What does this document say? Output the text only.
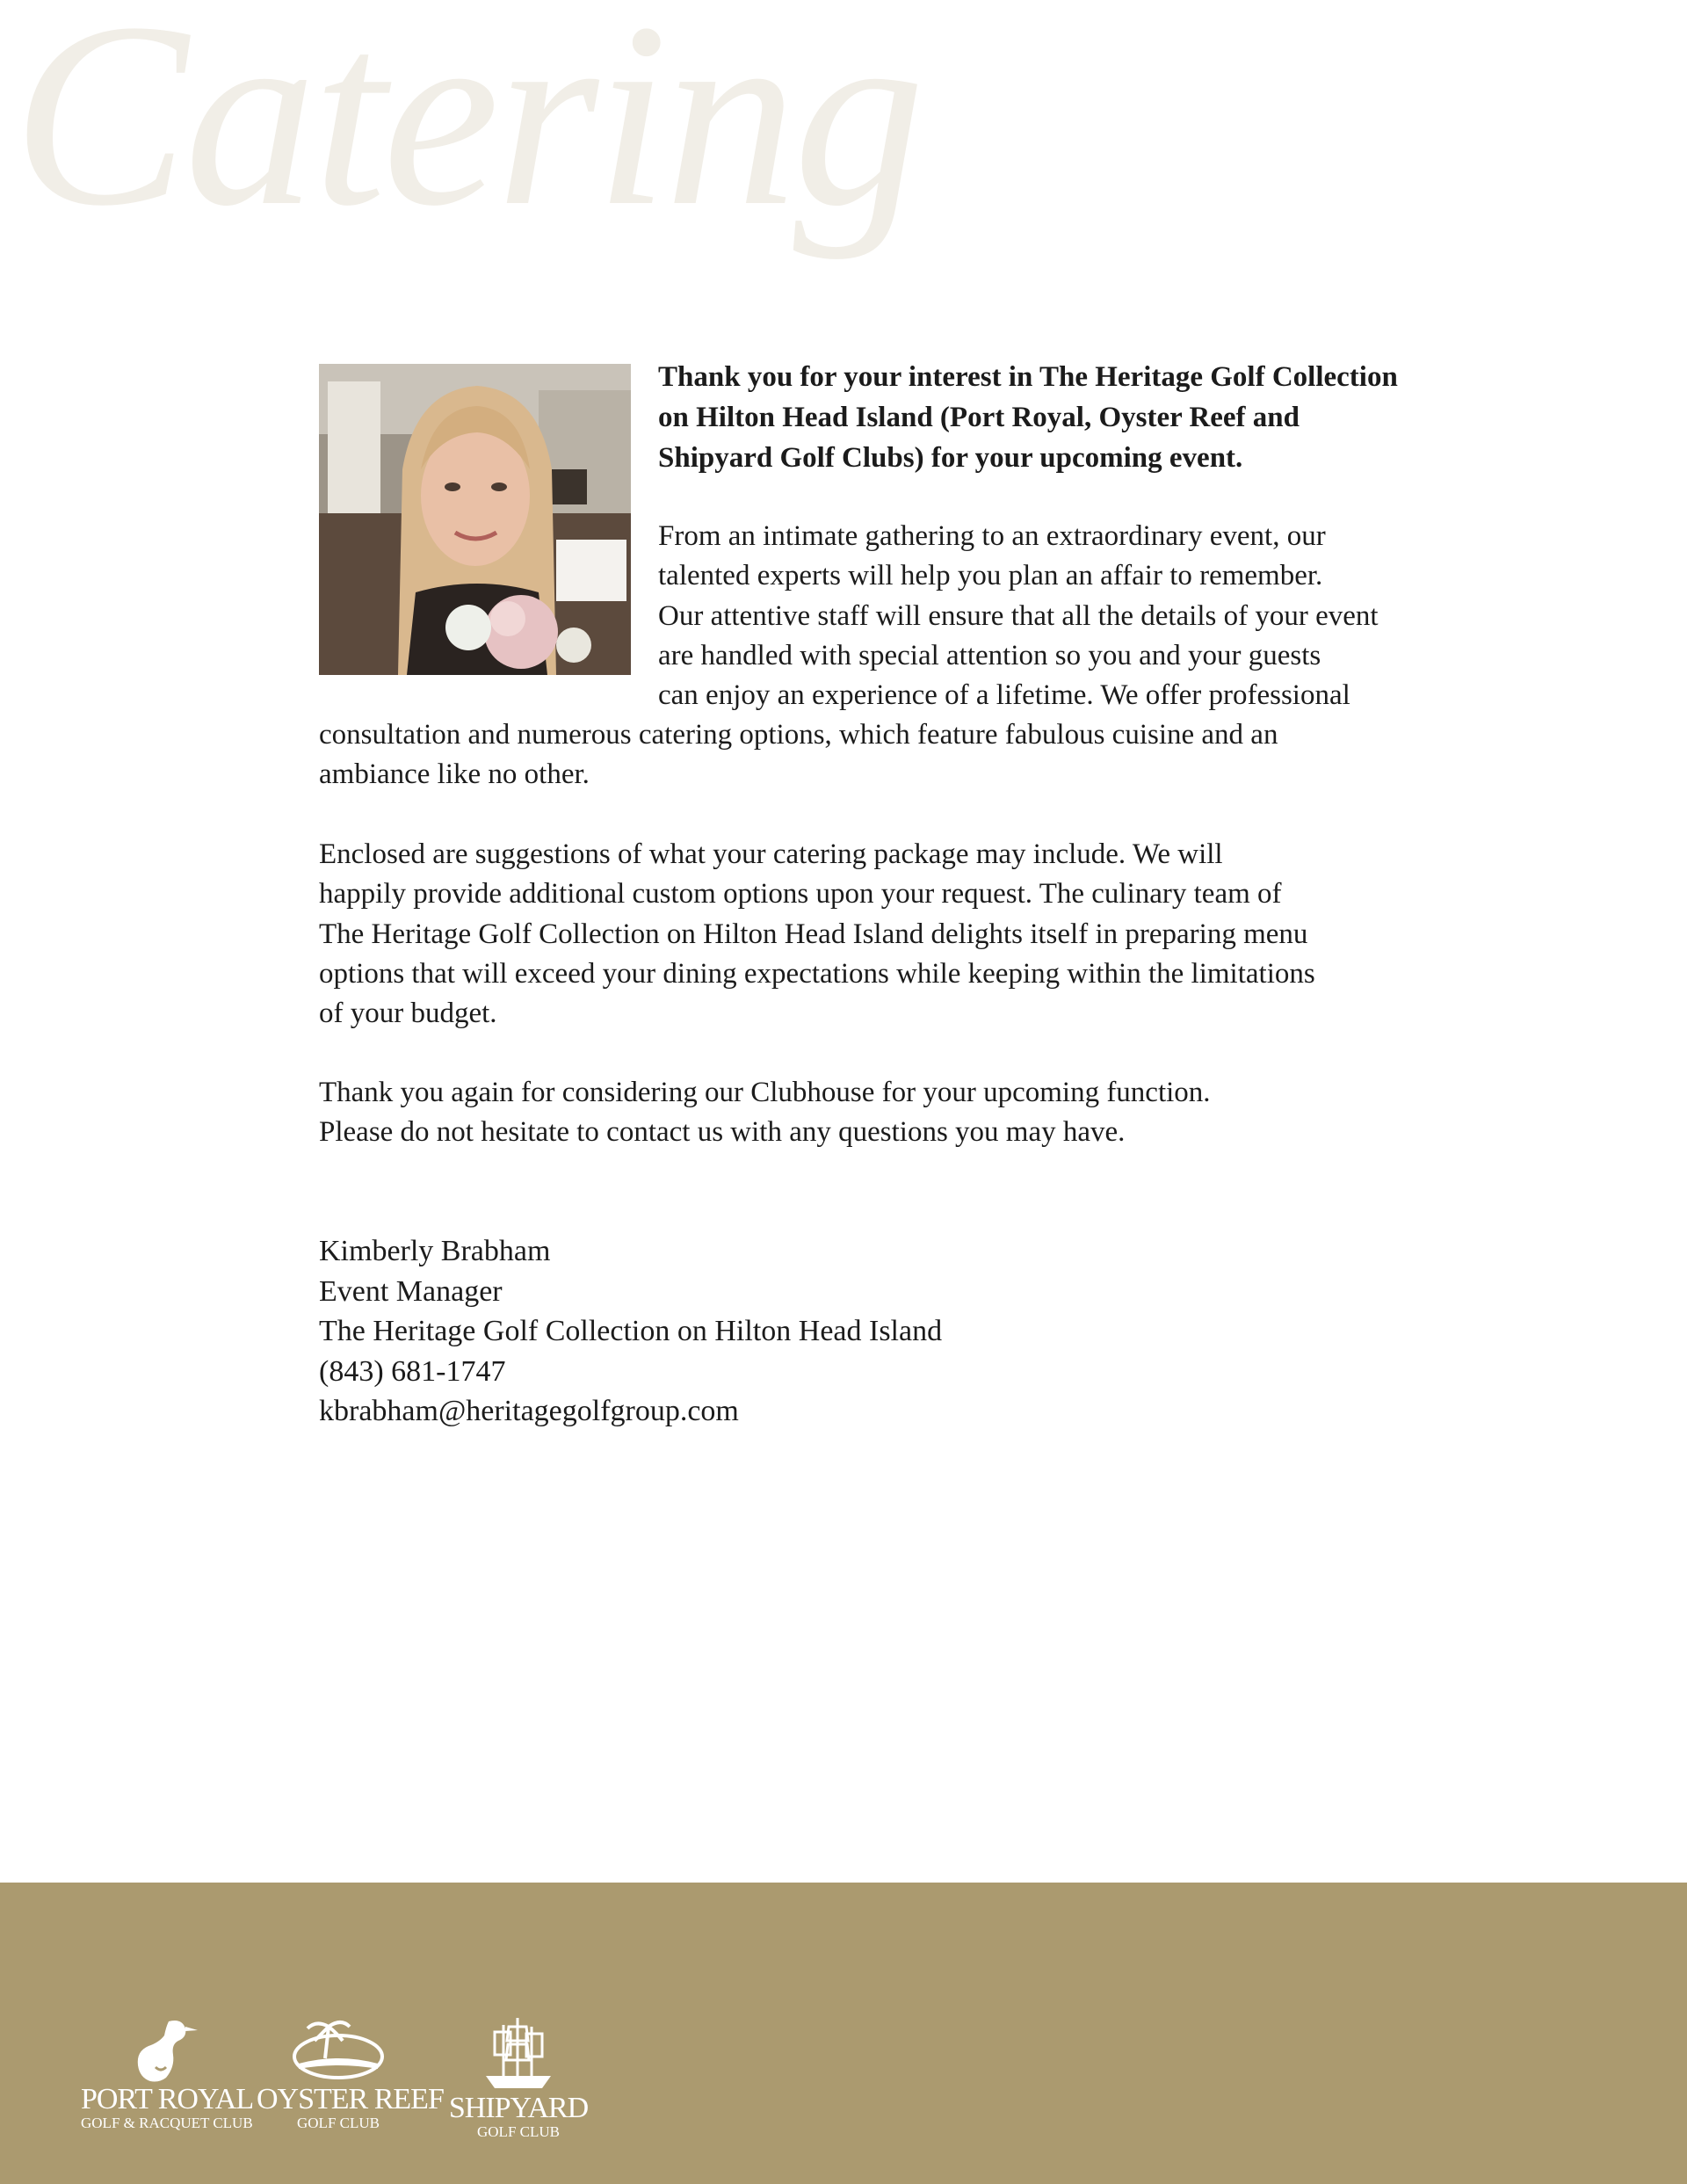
Catering
Thank you for your interest in The Heritage Golf Collection
on Hilton Head Island (Port Royal, Oyster Reef and
Shipyard Golf Clubs) for your upcoming event.
From an intimate gathering to an extraordinary event, our
talented experts will help you plan an affair to remember.
Our attentive staff will ensure that all the details of your event
are handled with special attention so you and your guests
can enjoy an experience of a lifetime. We offer professional
consultation and numerous catering options, which feature fabulous cuisine and an
ambiance like no other.
Enclosed are suggestions of what your catering package may include. We will
happily provide additional custom options upon your request. The culinary team of
The Heritage Golf Collection on Hilton Head Island delights itself in preparing menu
options that will exceed your dining expectations while keeping within the limitations
of your budget.
Thank you again for considering our Clubhouse for your upcoming function.
Please do not hesitate to contact us with any questions you may have.
Kimberly Brabham
Event Manager
The Heritage Golf Collection on Hilton Head Island
(843) 681-1747
kbrabham@heritagegolfgroup.com
PORT ROYAL
GOLF & RACQUET CLUB
OYSTER REEF
GOLF CLUB	SHIPYARD
GOLF CLUB
